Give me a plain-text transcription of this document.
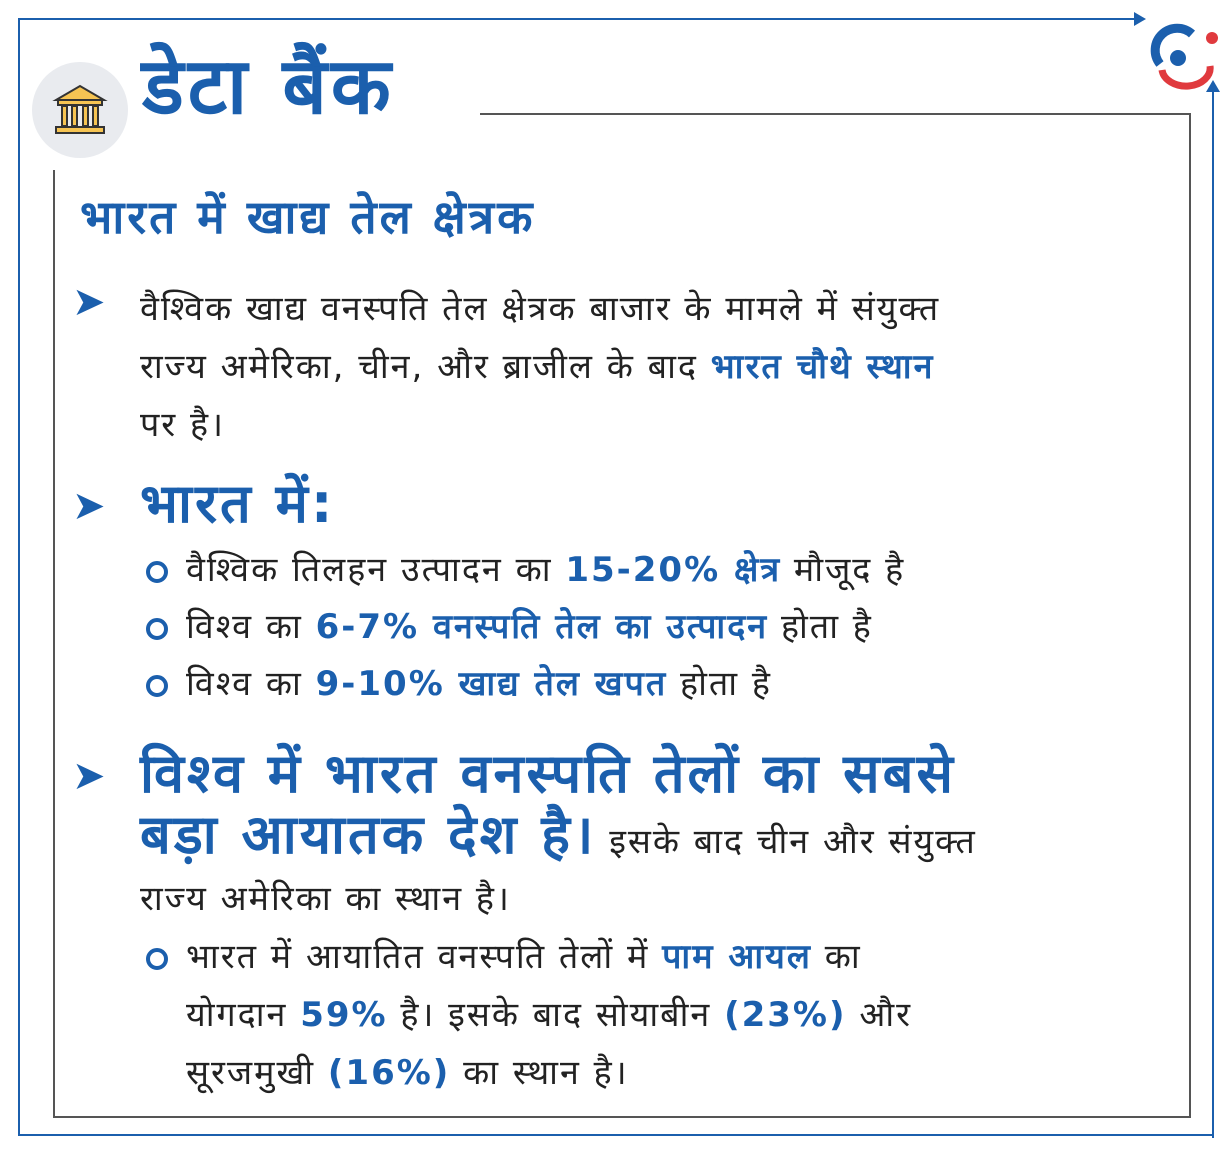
डेटा बैंक
भारत में खाद्य तेल क्षेत्रक
➤ वैश्विक खाद्य वनस्पति तेल क्षेत्रक बाजार के मामले में संयुक्त
राज्य अमेरिका, चीन, और ब्राजील के बाद भारत चौथे स्थान
पर है।
➤ भारत में:
वैश्विक तिलहन उत्पादन का 15-20% क्षेत्र मौजूद है
विश्व का 6-7% वनस्पति तेल का उत्पादन होता है
विश्व का 9-10% खाद्य तेल खपत होता है
➤ विश्व में भारत वनस्पति तेलों का सबसे
बड़ा आयातक देश है। इसके बाद चीन और संयुक्त
राज्य अमेरिका का स्थान है।
भारत में आयातित वनस्पति तेलों में पाम आयल का
योगदान 59% है। इसके बाद सोयाबीन (23%) और
सूरजमुखी (16%) का स्थान है।
